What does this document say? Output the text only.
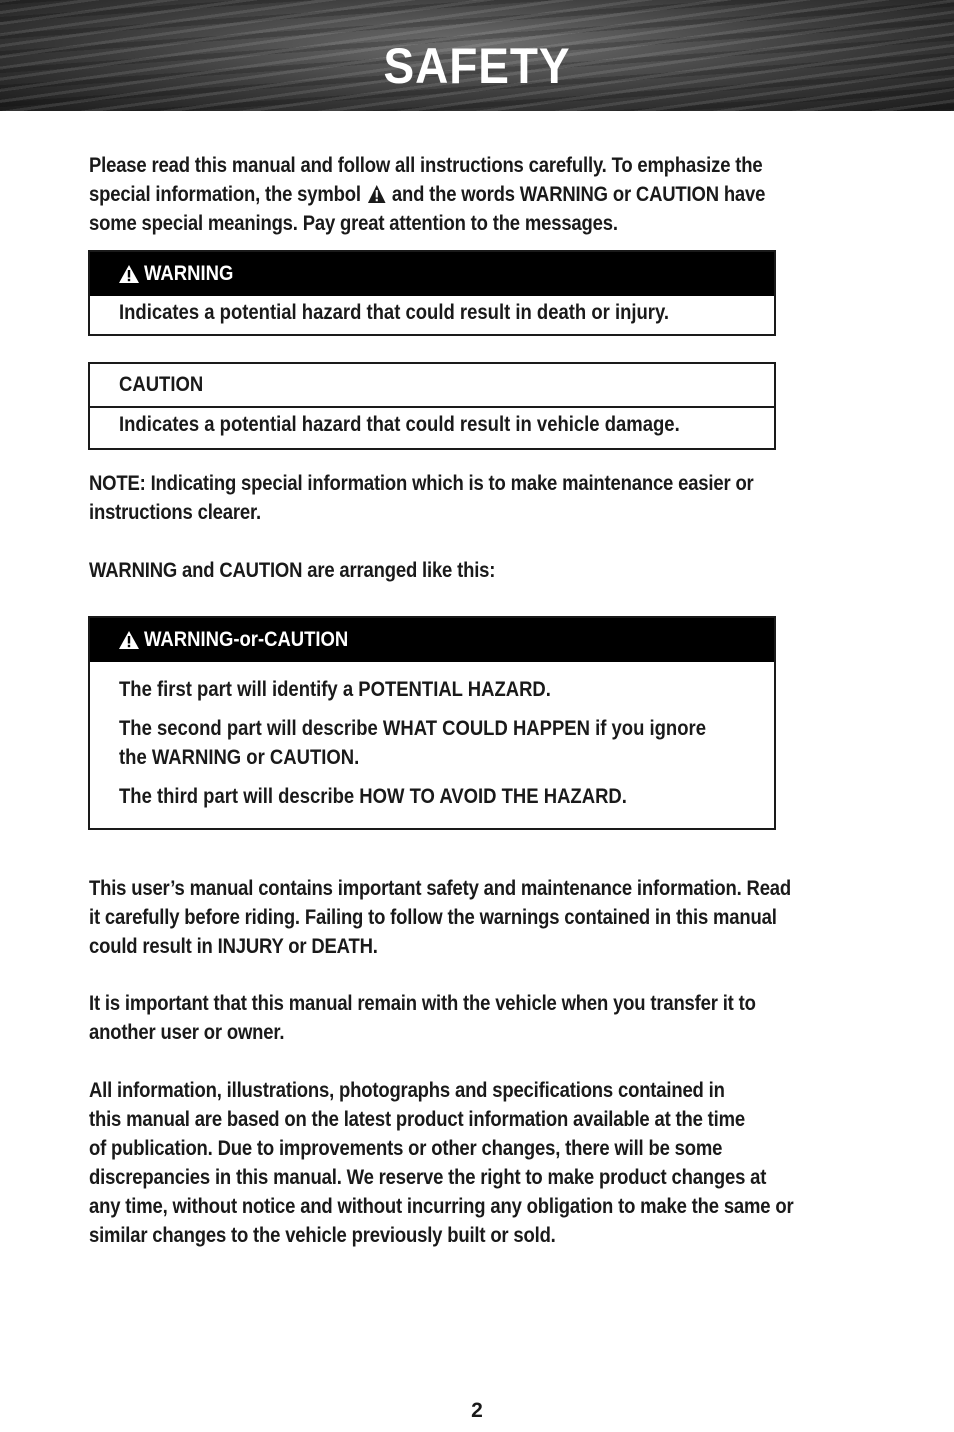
SAFETY
Please read this manual and follow all instructions carefully. To emphasize the
special information, the symbol and the words WARNING or CAUTION have
some special meanings. Pay great attention to the messages.
WARNING
Indicates a potential hazard that could result in death or injury.
CAUTION
Indicates a potential hazard that could result in vehicle damage.
NOTE: Indicating special information which is to make maintenance easier or
instructions clearer.
WARNING and CAUTION are arranged like this:
WARNING-or-CAUTION
The first part will identify a POTENTIAL HAZARD.
The second part will describe WHAT COULD HAPPEN if you ignore
the WARNING or CAUTION.
The third part will describe HOW TO AVOID THE HAZARD.
This user’s manual contains important safety and maintenance information. Read
it carefully before riding. Failing to follow the warnings contained in this manual
could result in INJURY or DEATH.
It is important that this manual remain with the vehicle when you transfer it to
another user or owner.
All information, illustrations, photographs and specifications contained in
this manual are based on the latest product information available at the time
of publication. Due to improvements or other changes, there will be some
discrepancies in this manual. We reserve the right to make product changes at
any time, without notice and without incurring any obligation to make the same or
similar changes to the vehicle previously built or sold.
2
